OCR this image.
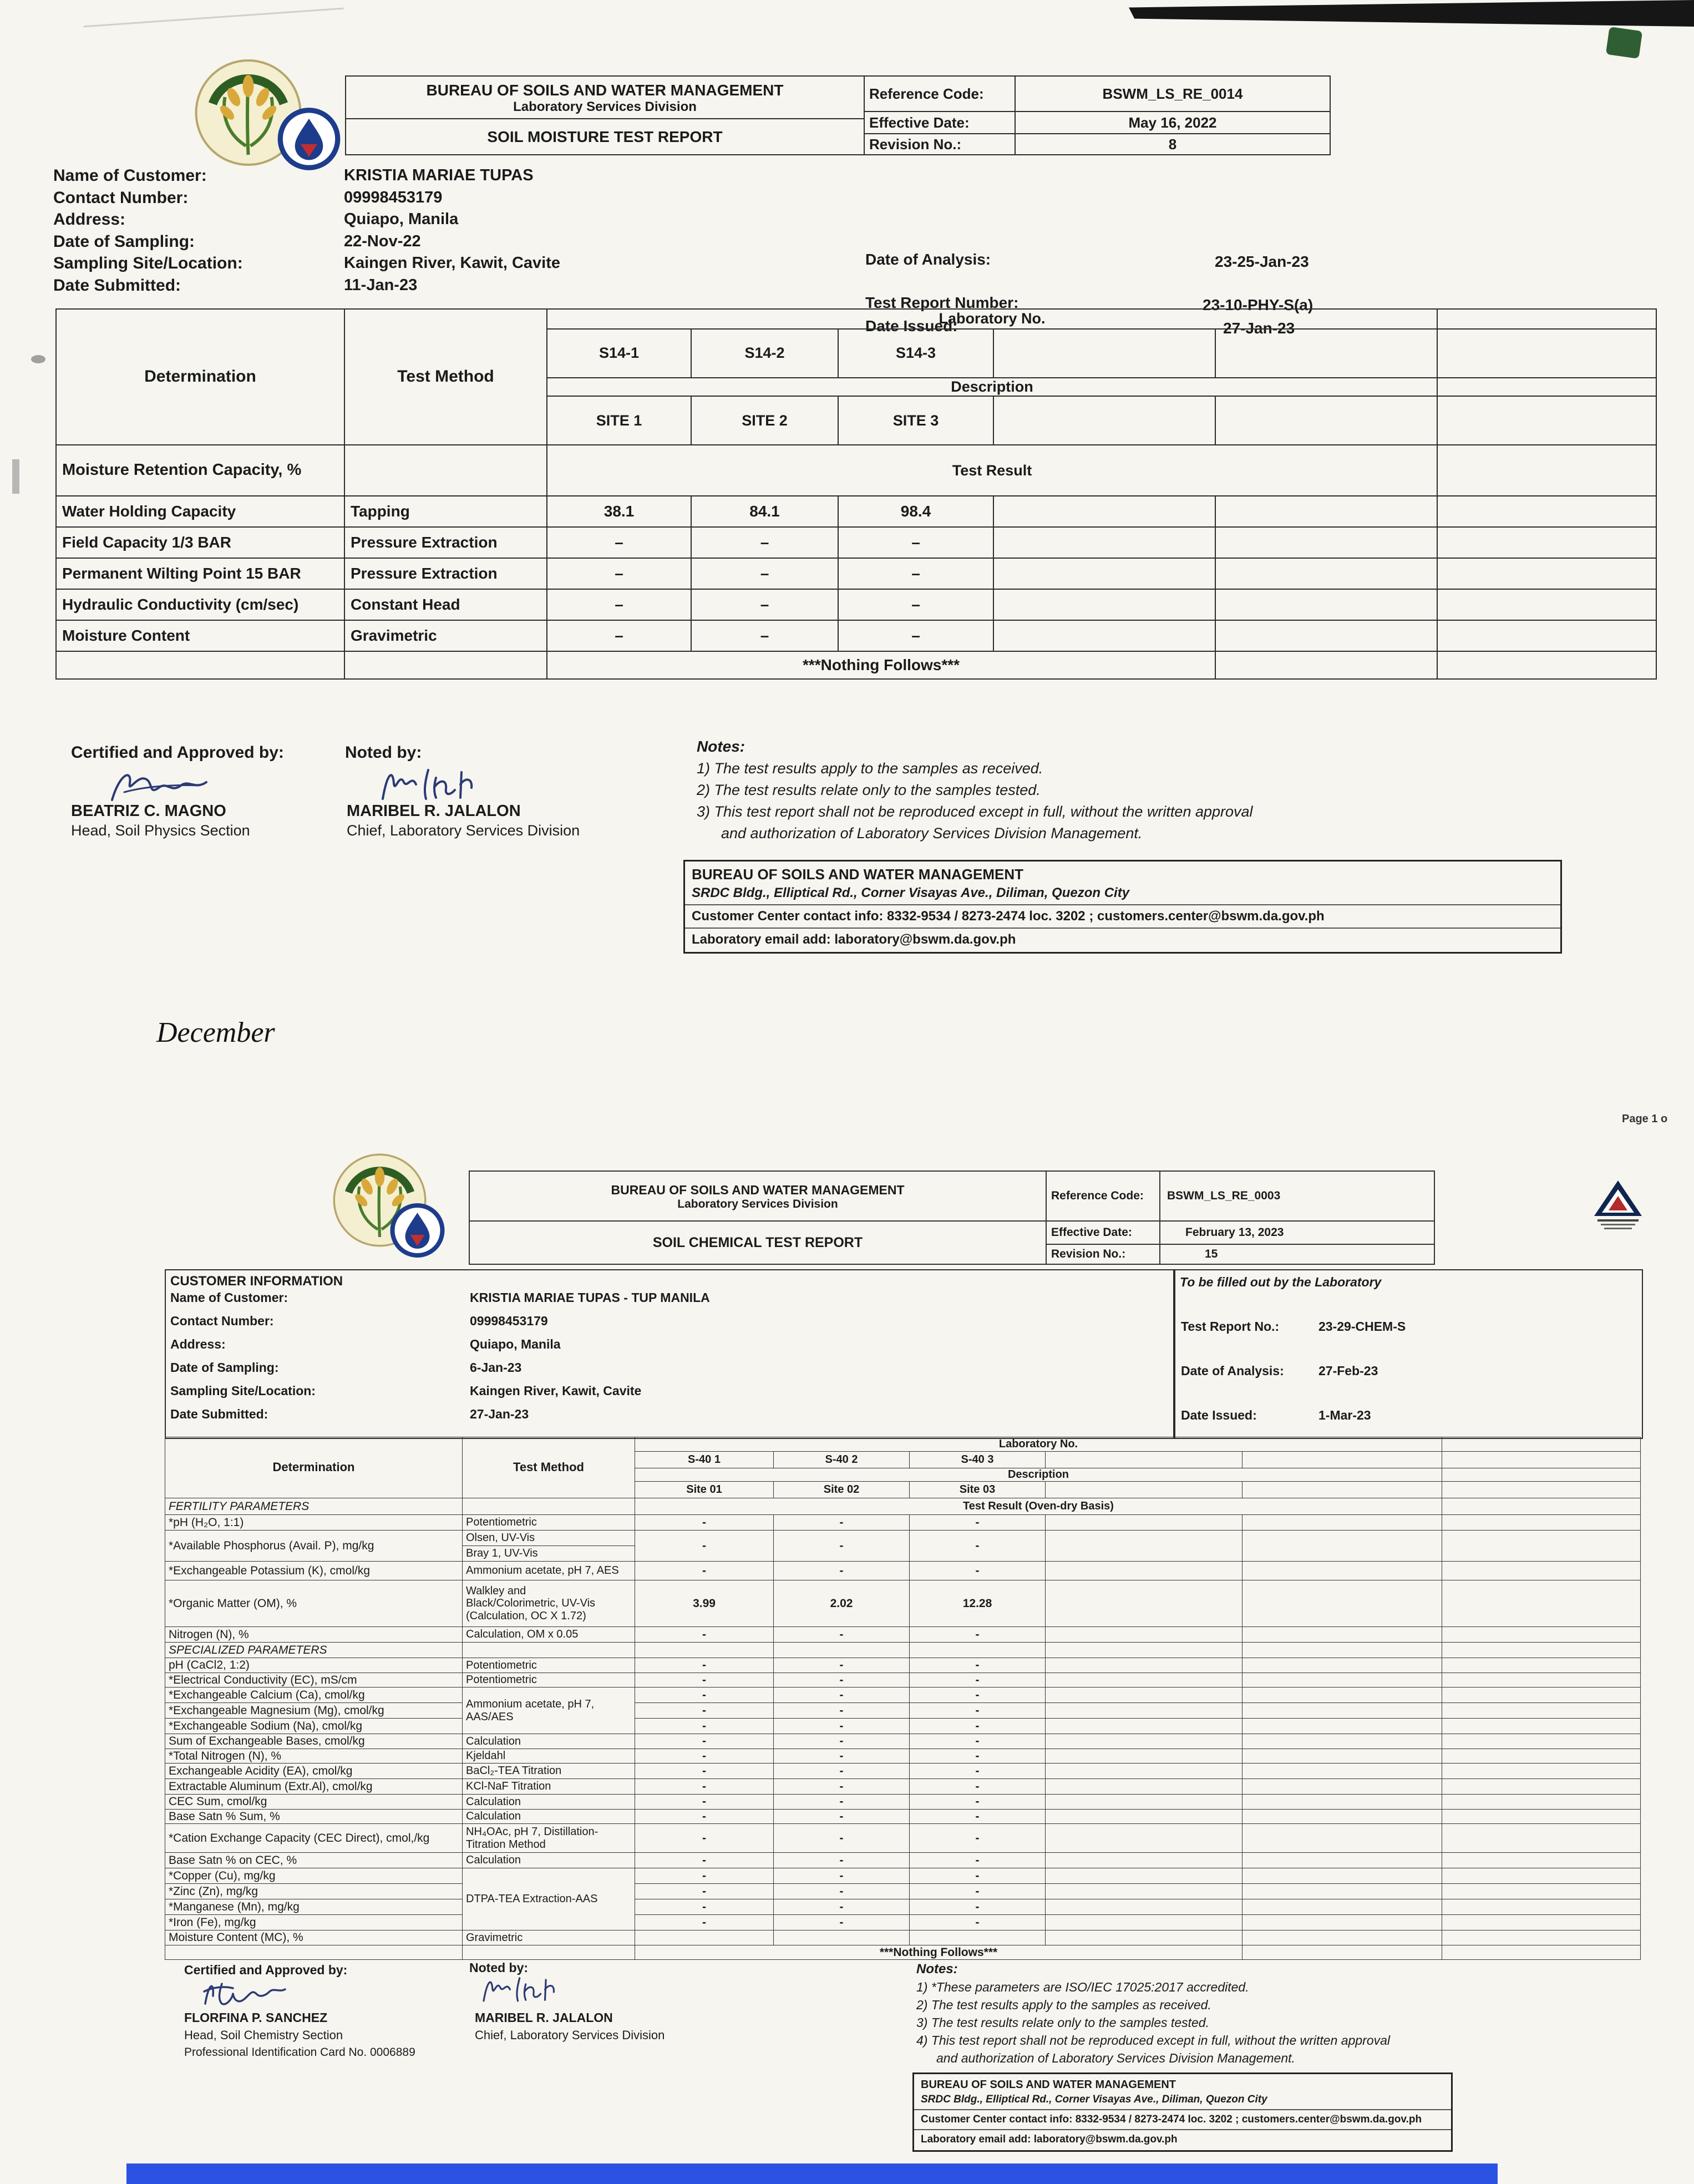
BUREAU OF SOILS AND WATER MANAGEMENT
Laboratory Services Division
SOIL MOISTURE TEST REPORT	Reference Code:	BSWM_LS_RE_0014
	Effective Date:	May 16, 2022
	Revision No.:	8
Name of Customer:	KRISTIA MARIAE TUPAS
Contact Number:	09998453179
Address:	Quiapo, Manila
Date of Sampling:	22-Nov-22
Sampling Site/Location:	Kaingen River, Kawit, Cavite
Date Submitted:	11-Jan-23
Date of Analysis:	23-25-Jan-23
Test Report Number:	23-10-PHY-S(a)
Date Issued:	27-Jan-23
Determination	Test Method	Laboratory No.					
		S14-1	S14-2	S14-3			
		Description					
		SITE 1	SITE 2	SITE 3			
Moisture Retention Capacity, %		Test Result					
Water Holding Capacity	Tapping	38.1	84.1	98.4			
Field Capacity 1/3 BAR	Pressure Extraction	–	–	–			
Permanent Wilting Point 15 BAR	Pressure Extraction	–	–	–			
Hydraulic Conductivity (cm/sec)	Constant Head	–	–	–			
Moisture Content	Gravimetric	–	–	–			
		***Nothing Follows***					
Certified and Approved by:	Noted by:
BEATRIZ C. MAGNO
Head, Soil Physics Section
MARIBEL R. JALALON
Chief, Laboratory Services Division
Notes:
1) The test results apply to the samples as received.
2) The test results relate only to the samples tested.
3) This test report shall not be reproduced except in full, without the written approval
and authorization of Laboratory Services Division Management.
BUREAU OF SOILS AND WATER MANAGEMENT
SRDC Bldg., Elliptical Rd., Corner Visayas Ave., Diliman, Quezon City
Customer Center contact info: 8332-9534 / 8273-2474 loc. 3202 ; customers.center@bswm.da.gov.ph
Laboratory email add: laboratory@bswm.da.gov.ph
December
Page 1 o
BUREAU OF SOILS AND WATER MANAGEMENT
Laboratory Services Division	Reference Code:	BSWM_LS_RE_0003
SOIL CHEMICAL TEST REPORT	Effective Date:	February 13, 2023
	Revision No.:	15
CUSTOMER INFORMATION
Name of Customer:	KRISTIA MARIAE TUPAS - TUP MANILA
Contact Number:	09998453179
Address:	Quiapo, Manila
Date of Sampling:	6-Jan-23
Sampling Site/Location:	Kaingen River, Kawit, Cavite
Date Submitted:	27-Jan-23
To be filled out by the Laboratory
Test Report No.:	23-29-CHEM-S
Date of Analysis:	27-Feb-23
Date Issued:	1-Mar-23
Determination	Test Method	Laboratory No.					
		S-40 1	S-40 2	S-40 3			
		Description					
		Site 01	Site 02	Site 03			
FERTILITY PARAMETERS		Test Result (Oven-dry Basis)					
*pH (H₂O, 1:1)	Potentiometric	-	-	-			
*Available Phosphorus (Avail. P), mg/kg	Olsen, UV-Vis	-	-	-			
	Bray 1, UV-Vis						
*Exchangeable Potassium (K), cmol/kg	Ammonium acetate, pH 7, AES	-	-	-			
*Organic Matter (OM), %	Walkley and
Black/Colorimetric, UV-Vis
(Calculation, OC X 1.72)	3.99	2.02	12.28			
Nitrogen (N), %	Calculation, OM x 0.05	-	-	-			
SPECIALIZED PARAMETERS							
pH (CaCl2, 1:2)	Potentiometric	-	-	-			
*Electrical Conductivity (EC), mS/cm	Potentiometric	-	-	-			
*Exchangeable Calcium (Ca), cmol/kg	Ammonium acetate, pH 7, AAS/AES	-	-	-			
*Exchangeable Magnesium (Mg), cmol/kg		-	-	-			
*Exchangeable Sodium (Na), cmol/kg		-	-	-			
Sum of Exchangeable Bases, cmol/kg	Calculation	-	-	-			
*Total Nitrogen (N), %	Kjeldahl	-	-	-			
Exchangeable Acidity (EA), cmol/kg	BaCl₂-TEA Titration	-	-	-			
Extractable Aluminum (Extr.Al), cmol/kg	KCl-NaF Titration	-	-	-			
CEC Sum, cmol/kg	Calculation	-	-	-			
Base Satn % Sum, %	Calculation	-	-	-			
*Cation Exchange Capacity (CEC Direct), cmol,/kg	NH₄OAc, pH 7, Distillation-
Titration Method	-	-	-			
Base Satn % on CEC, %	Calculation	-	-	-			
*Copper (Cu), mg/kg	DTPA-TEA Extraction-AAS	-	-	-			
*Zinc (Zn), mg/kg		-	-	-			
*Manganese (Mn), mg/kg		-	-	-			
*Iron (Fe), mg/kg		-	-	-			
Moisture Content (MC), %	Gravimetric						
		***Nothing Follows***					
Certified and Approved by:	Noted by:
FLORFINA P. SANCHEZ
Head, Soil Chemistry Section
Professional Identification Card No. 0006889
MARIBEL R. JALALON
Chief, Laboratory Services Division
Notes:
1) *These parameters are ISO/IEC 17025:2017 accredited.
2) The test results apply to the samples as received.
3) The test results relate only to the samples tested.
4) This test report shall not be reproduced except in full, without the written approval
and authorization of Laboratory Services Division Management.
BUREAU OF SOILS AND WATER MANAGEMENT
SRDC Bldg., Elliptical Rd., Corner Visayas Ave., Diliman, Quezon City
Customer Center contact info: 8332-9534 / 8273-2474 loc. 3202 ; customers.center@bswm.da.gov.ph
Laboratory email add: laboratory@bswm.da.gov.ph
